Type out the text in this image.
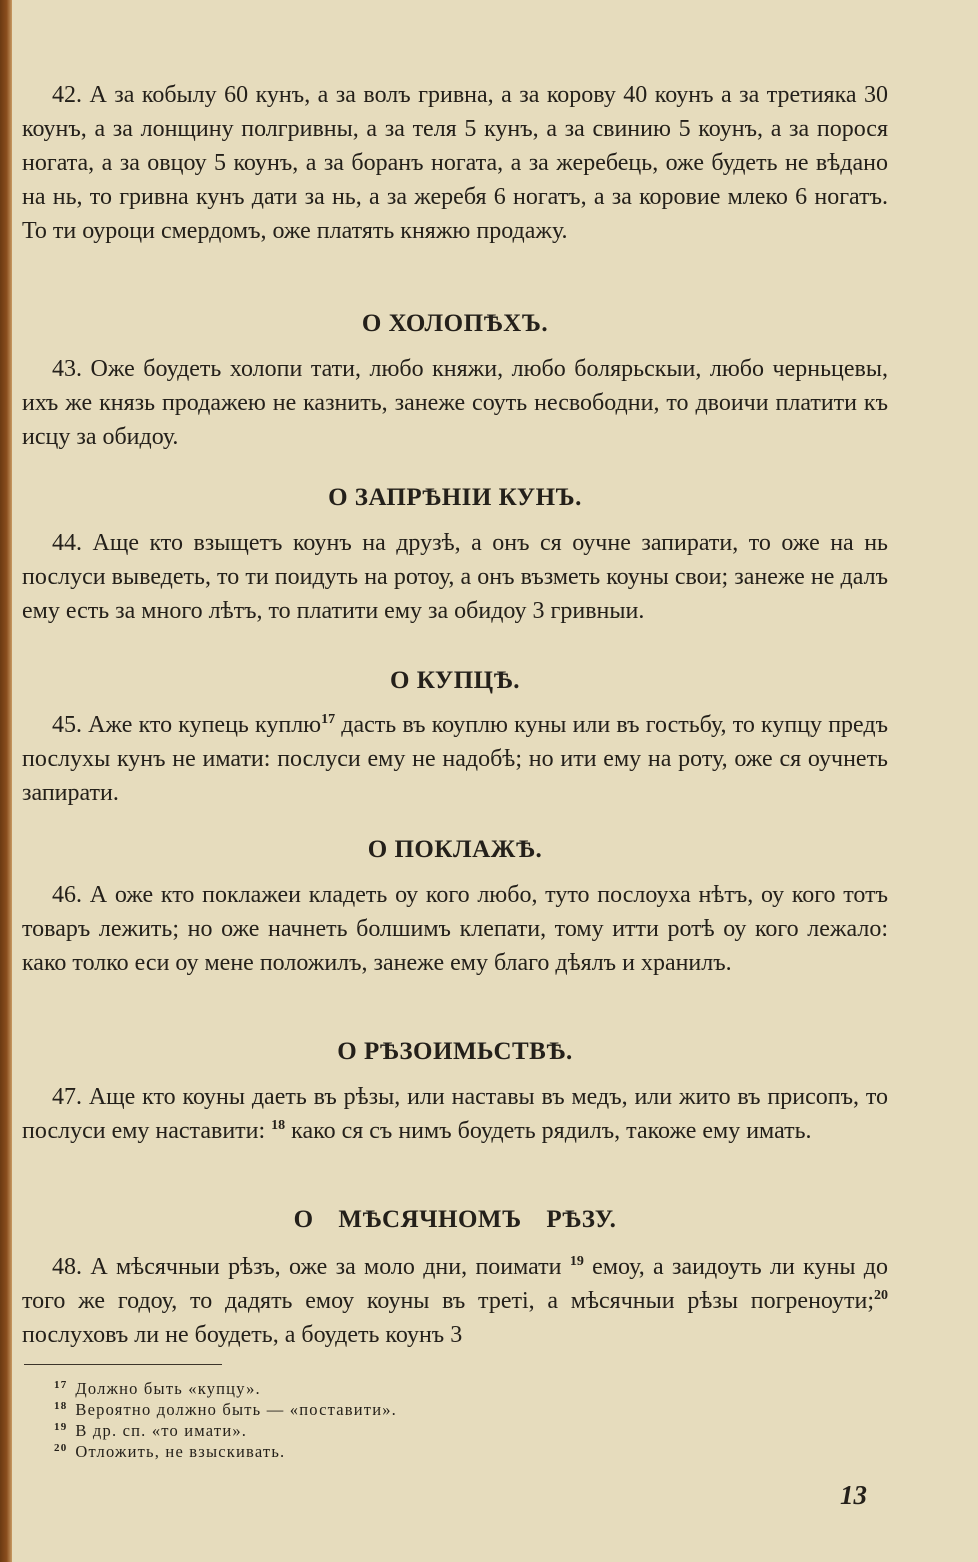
42. А за кобылу 60 кунъ, а за волъ гривна, а за корову 40 коунъ а за третияка 30 коунъ, а за лонщину полгривны, а за теля 5 кунъ, а за свинию 5 коунъ, а за порося ногата, а за овцоу 5 коунъ, а за боранъ ногата, а за жеребець, оже будеть не вѣдано на нь, то гривна кунъ дати за нь, а за жеребя 6 ногатъ, а за коровие млеко 6 ногатъ. То ти оуроци смердомъ, оже платять княжю продажу.

О ХОЛОПѢХЪ.

43. Оже боудеть холопи тати, любо княжи, любо болярьскыи, любо черньцевы, ихъ же князь продажею не казнить, занеже соуть несвободни, то двоичи платити къ исцу за обидоу.

О ЗАПРѢНІИ КУНЪ.

44. Аще кто взыщетъ коунъ на друзѣ, а онъ ся оучне запирати, то оже на нь послуси выведеть, то ти поидуть на ротоу, а онъ възметь коуны свои; занеже не далъ ему есть за много лѣтъ, то платити ему за обидоу 3 гривныи.

О КУПЦѢ.

45. Аже кто купець куплю$^{17}$ дасть въ коуплю куны или въ гостьбу, то купцу предъ послухы кунъ не имати: послуси ему не надобѣ; но ити ему на роту, оже ся оучнеть запирати.

О ПОКЛАЖѢ.

46. А оже кто поклажеи кладеть оу кого любо, туто послоуха нѣтъ, оу кого тотъ товаръ лежить; но оже начнеть болшимъ клепати, тому итти ротѣ оу кого лежало: како толко еси оу мене положилъ, занеже ему благо дѣялъ и хранилъ.

О РѢЗОИМЬСТВѢ.

47. Аще кто коуны даеть въ рѣзы, или наставы въ медъ, или жито въ присопъ, то послуси ему наставити: $^{18}$ како ся съ нимъ боудеть рядилъ, такоже ему имать.

О МѢСЯЧНОМЪ РѢЗУ.

48. А мѣсячныи рѣзъ, оже за моло дни, поимати $^{19}$ емоу, а заидоуть ли куны до того же годоу, то дадять емоу коуны въ треті, а мѣсячныи рѣзы погреноути;$^{20}$ послуховъ ли не боудеть, а боудеть коунъ 3

$^{17}$ Должно быть «купцу».
$^{18}$ Вероятно должно быть — «поставити».
$^{19}$ В др. сп. «то имати».
$^{20}$ Отложить, не взыскивать.
13
